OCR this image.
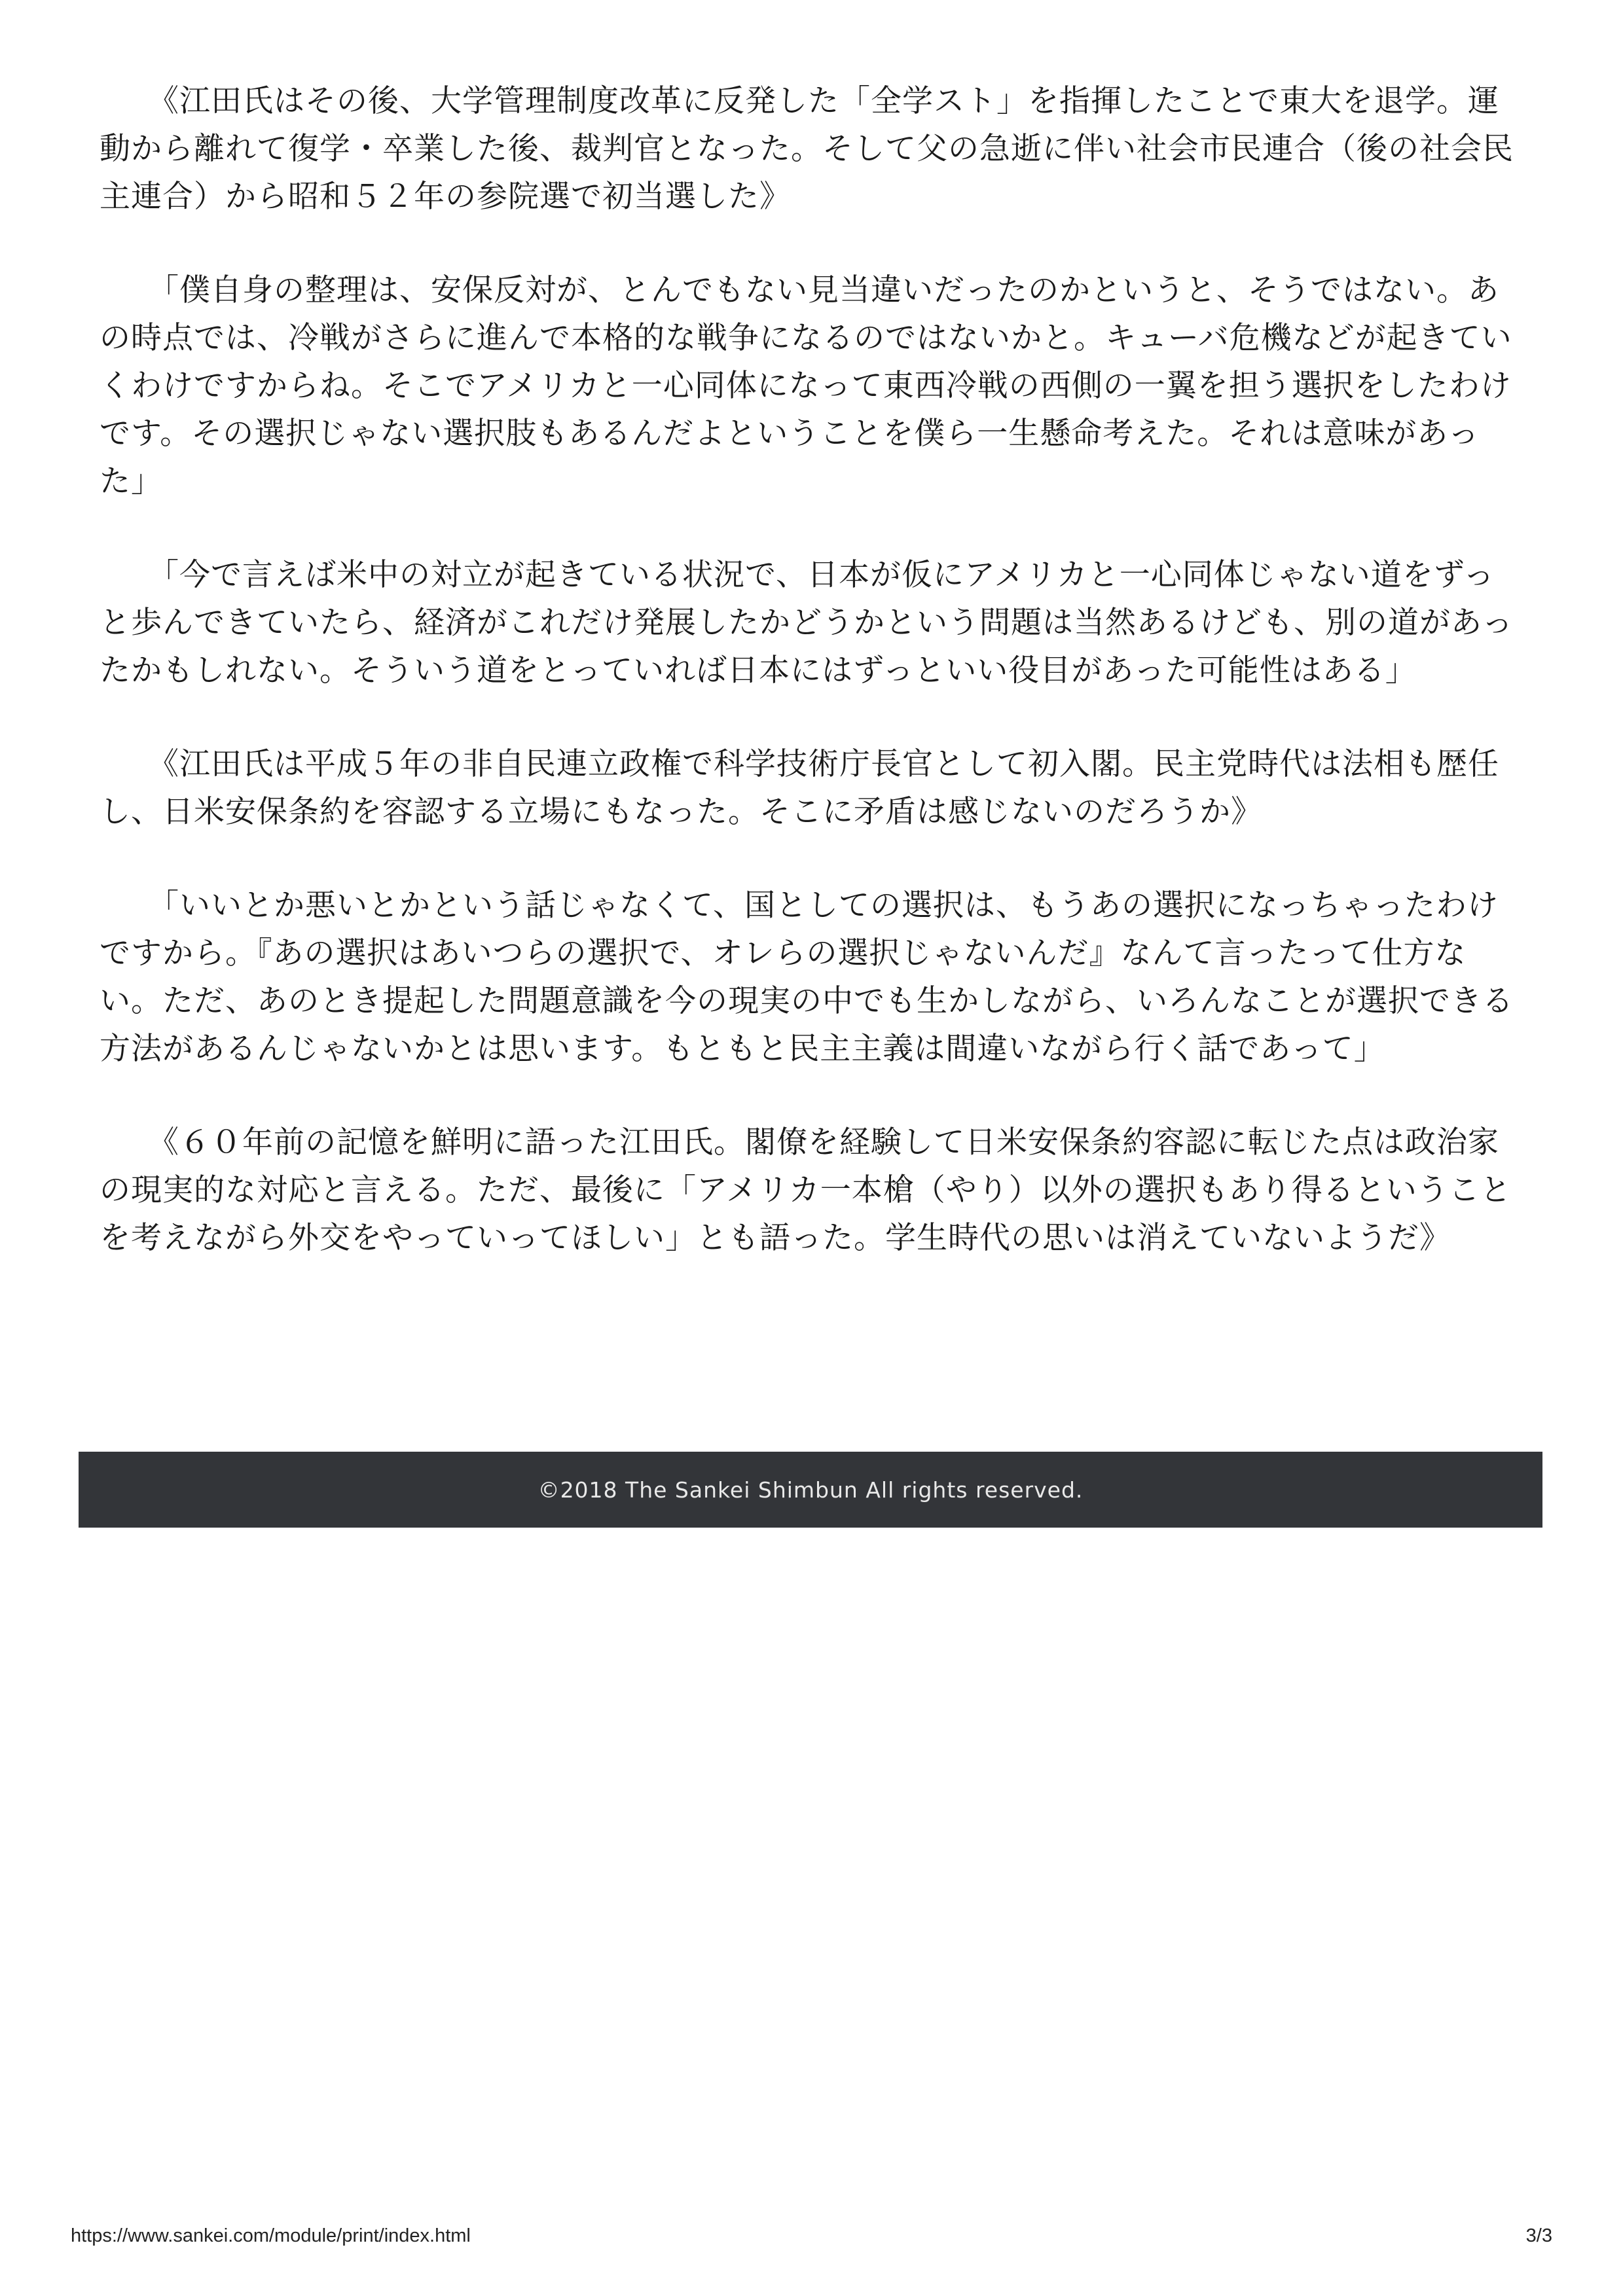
《江田氏はその後、大学管理制度改革に反発した「全学スト」を指揮したことで東大を退学。運動から離れて復学・卒業した後、裁判官となった。そして父の急逝に伴い社会市民連合（後の社会民主連合）から昭和５２年の参院選で初当選した》

「僕自身の整理は、安保反対が、とんでもない見当違いだったのかというと、そうではない。あの時点では、冷戦がさらに進んで本格的な戦争になるのではないかと。キューバ危機などが起きていくわけですからね。そこでアメリカと一心同体になって東西冷戦の西側の一翼を担う選択をしたわけです。その選択じゃない選択肢もあるんだよということを僕ら一生懸命考えた。それは意味があった」

「今で言えば米中の対立が起きている状況で、日本が仮にアメリカと一心同体じゃない道をずっと歩んできていたら、経済がこれだけ発展したかどうかという問題は当然あるけども、別の道があったかもしれない。そういう道をとっていれば日本にはずっといい役目があった可能性はある」

《江田氏は平成５年の非自民連立政権で科学技術庁長官として初入閣。民主党時代は法相も歴任し、日米安保条約を容認する立場にもなった。そこに矛盾は感じないのだろうか》

「いいとか悪いとかという話じゃなくて、国としての選択は、もうあの選択になっちゃったわけですから。『あの選択はあいつらの選択で、オレらの選択じゃないんだ』なんて言ったって仕方ない。ただ、あのとき提起した問題意識を今の現実の中でも生かしながら、いろんなことが選択できる方法があるんじゃないかとは思います。もともと民主主義は間違いながら行く話であって」

《６０年前の記憶を鮮明に語った江田氏。閣僚を経験して日米安保条約容認に転じた点は政治家の現実的な対応と言える。ただ、最後に「アメリカ一本槍（やり）以外の選択もあり得るということを考えながら外交をやっていってほしい」とも語った。学生時代の思いは消えていないようだ》

©2018 The Sankei Shimbun All rights reserved.
https://www.sankei.com/module/print/index.html	3/3
